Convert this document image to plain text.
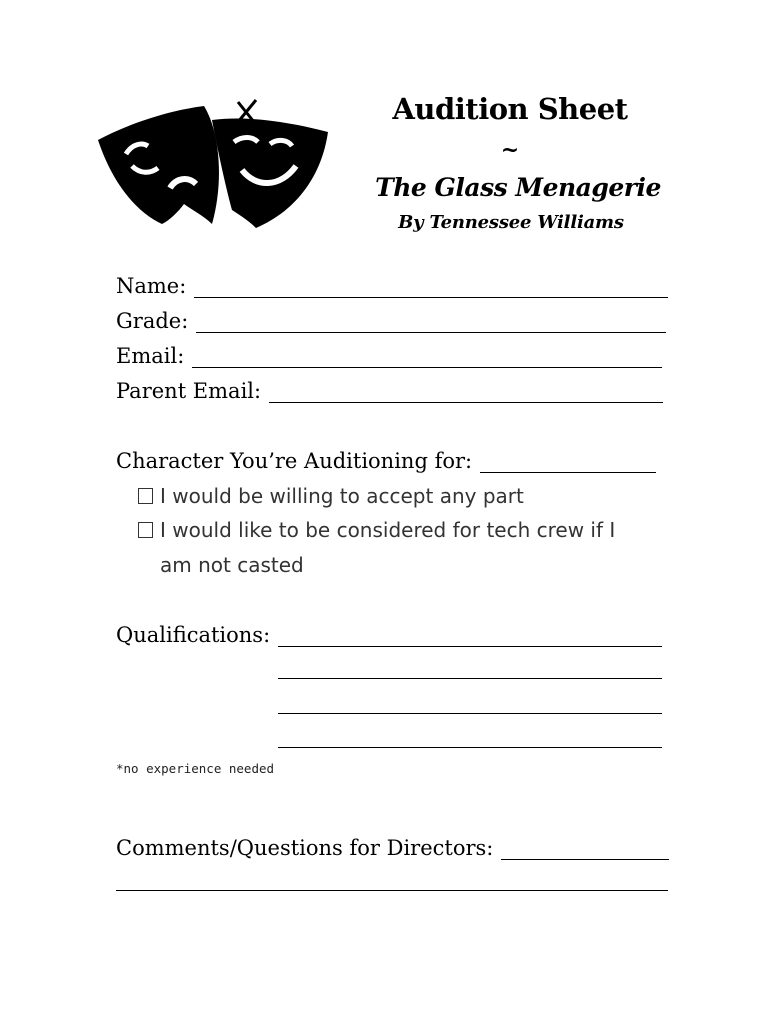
Audition Sheet
~
The Glass Menagerie
By Tennessee Williams
Name:
Grade:
Email:
Parent Email:
Character You’re Auditioning for:
I would be willing to accept any part
I would like to be considered for tech crew if I
am not casted
Qualifications:
*no experience needed
Comments/Questions for Directors:
